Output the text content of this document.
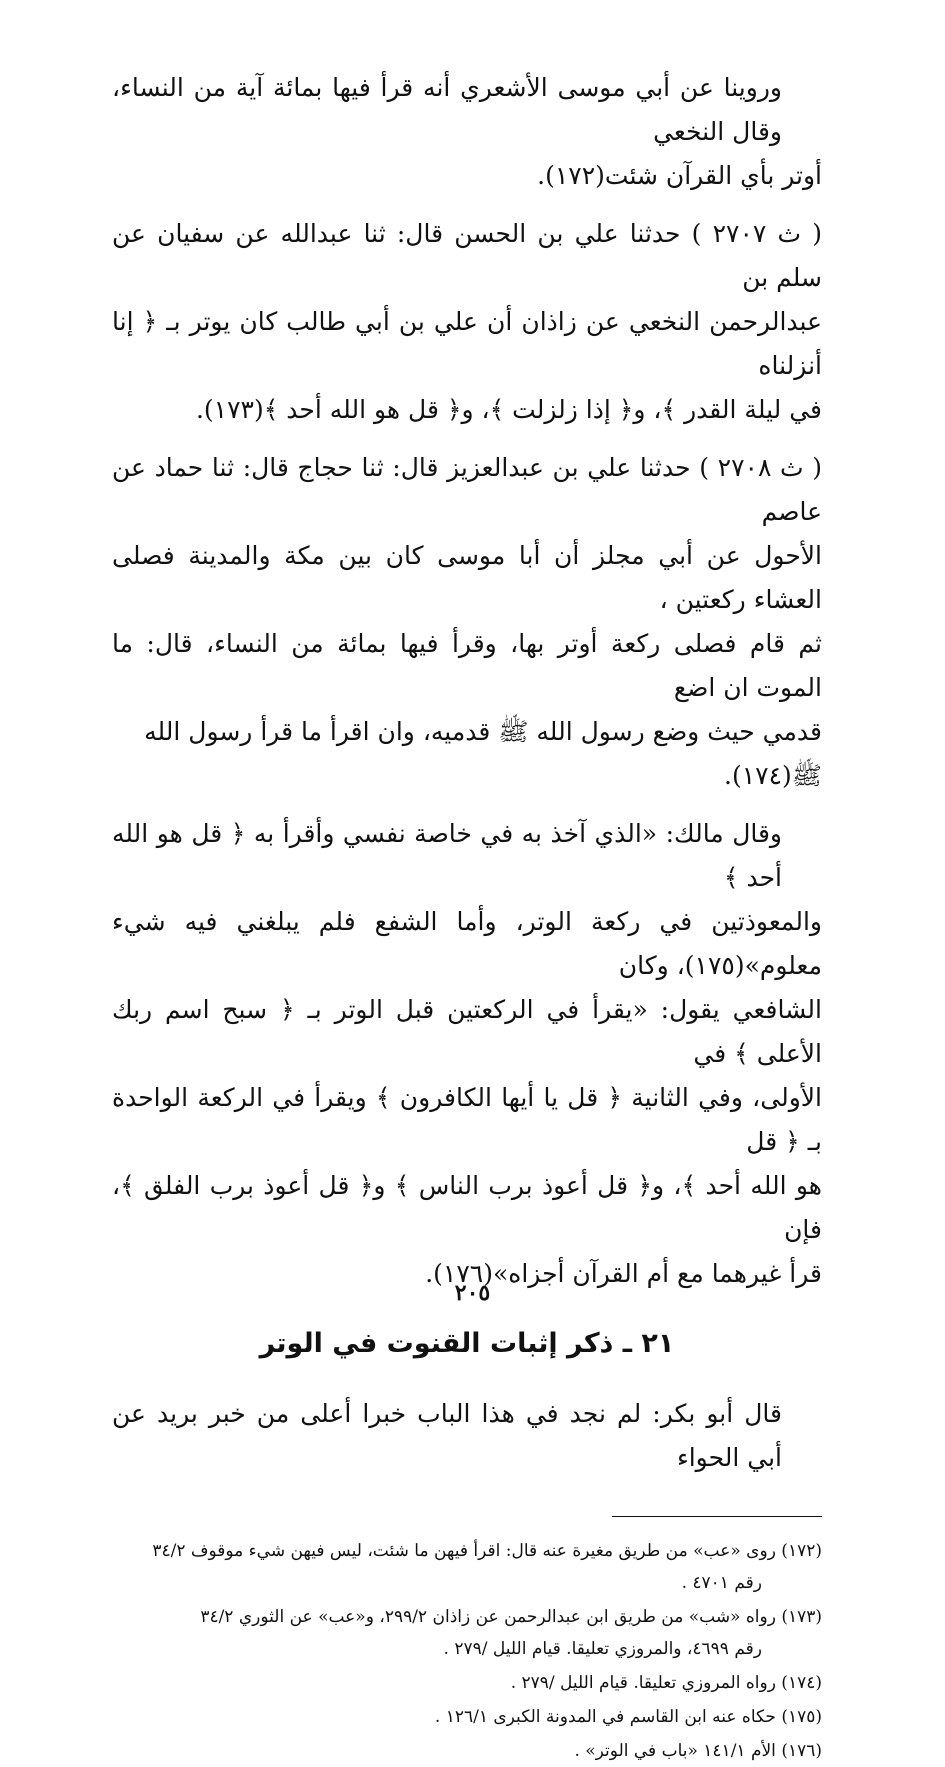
وروينا عن أبي موسى الأشعري أنه قرأ فيها بمائة آية من النساء، وقال النخعي
أوتر بأي القرآن شئت(١٧٢).
( ث ٢٧٠٧ ) حدثنا علي بن الحسن قال: ثنا عبدالله عن سفيان عن سلم بن
عبدالرحمن النخعي عن زاذان أن علي بن أبي طالب كان يوتر بـ ﴿ إنا أنزلناه
في ليلة القدر ﴾، و﴿ إذا زلزلت ﴾، و﴿ قل هو الله أحد ﴾(١٧٣).
( ث ٢٧٠٨ ) حدثنا علي بن عبدالعزيز قال: ثنا حجاج قال: ثنا حماد عن عاصم
الأحول عن أبي مجلز أن أبا موسى كان بين مكة والمدينة فصلى العشاء ركعتين ،
ثم قام فصلى ركعة أوتر بها، وقرأ فيها بمائة من النساء، قال: ما الموت ان اضع
قدمي حيث وضع رسول الله ﷺ قدميه، وان اقرأ ما قرأ رسول الله
ﷺ(١٧٤).
وقال مالك: «الذي آخذ به في خاصة نفسي وأقرأ به ﴿ قل هو الله أحد ﴾
والمعوذتين في ركعة الوتر، وأما الشفع فلم يبلغني فيه شيء معلوم»(١٧٥)، وكان
الشافعي يقول: «يقرأ في الركعتين قبل الوتر بـ ﴿ سبح اسم ربك الأعلى ﴾ في
الأولى، وفي الثانية ﴿ قل يا أيها الكافرون ﴾ ويقرأ في الركعة الواحدة بـ ﴿ قل
هو الله أحد ﴾، و﴿ قل أعوذ برب الناس ﴾ و﴿ قل أعوذ برب الفلق ﴾، فإن
قرأ غيرهما مع أم القرآن أجزاه»(١٧٦).
٢١ ـ ذكر إثبات القنوت في الوتر
قال أبو بكر: لم نجد في هذا الباب خبرا أعلى من خبر بريد عن أبي الحواء
(١٧٢) روى «عب» من طريق مغيرة عنه قال: اقرأ فيهن ما شئت، ليس فيهن شيء موقوف ٣٤/٢
رقم ٤٧٠١ .
(١٧٣) رواه «شب» من طريق ابن عبدالرحمن عن زاذان ٢٩٩/٢، و«عب» عن الثوري ٣٤/٢
رقم ٤٦٩٩، والمروزي تعليقا. قيام الليل /٢٧٩ .
(١٧٤) رواه المروزي تعليقا. قيام الليل /٢٧٩ .
(١٧٥) حكاه عنه ابن القاسم في المدونة الكبرى ١٢٦/١ .
(١٧٦) الأم ١٤١/١ «باب في الوتر» .
٢٠٥
